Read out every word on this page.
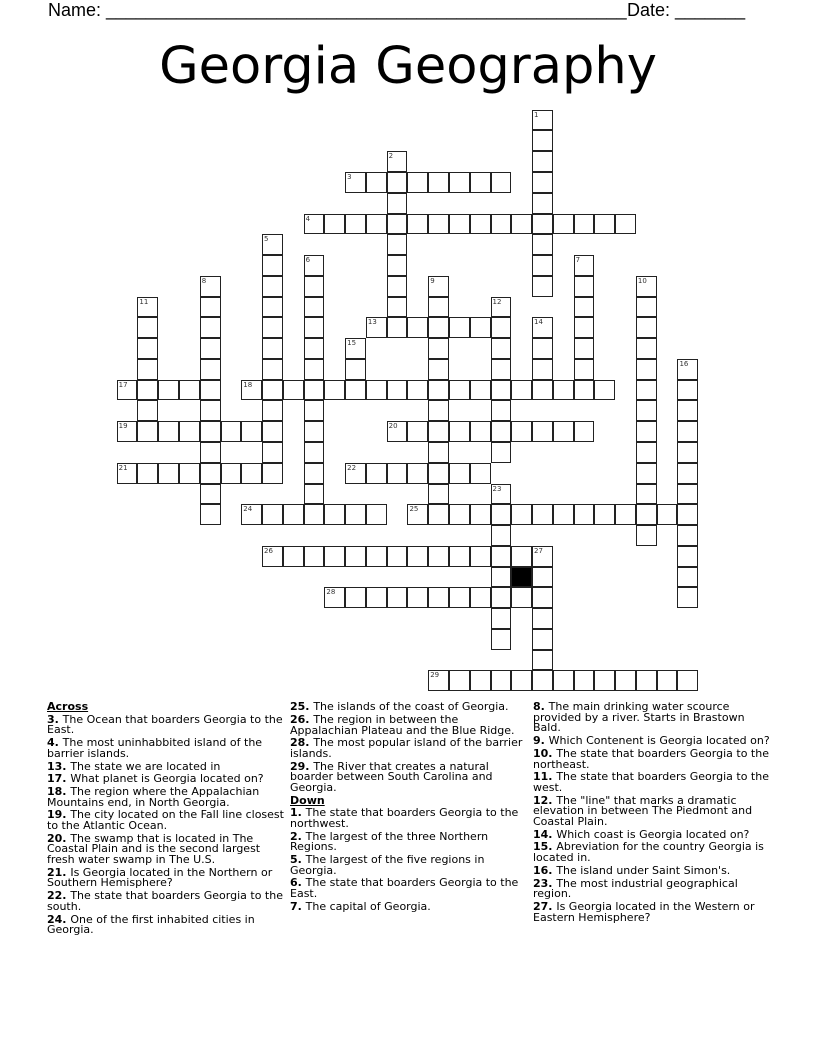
Name: ____________________________________________________ Date: _______
Georgia Geography
1
2
3
4
5
6	7
8	9	10
11	12
13	14
15
16
17	18
19	20
21	22
23
24	25
26	27
28
29
Across
3. The Ocean that boarders Georgia to the East.
4. The most uninhabbited island of the barrier islands.
13. The state we are located in
17. What planet is Georgia located on?
18. The region where the Appalachian Mountains end, in North Georgia.
19. The city located on the Fall line closest to the Atlantic Ocean.
20. The swamp that is located in The Coastal Plain and is the second largest fresh water swamp in The U.S.
21. Is Georgia located in the Northern or Southern Hemisphere?
22. The state that boarders Georgia to the south.
24. One of the first inhabited cities in Georgia.
25. The islands of the coast of Georgia.
26. The region in between the Appalachian Plateau and the Blue Ridge.
28. The most popular island of the barrier islands.
29. The River that creates a natural boarder between South Carolina and Georgia.
Down
1. The state that boarders Georgia to the northwest.
2. The largest of the three Northern Regions.
5. The largest of the five regions in Georgia.
6. The state that boarders Georgia to the East.
7. The capital of Georgia.
8. The main drinking water scource provided by a river. Starts in Brastown Bald.
9. Which Contenent is Georgia located on?
10. The state that boarders Georgia to the northeast.
11. The state that boarders Georgia to the west.
12. The "line" that marks a dramatic elevation in between The Piedmont and Coastal Plain.
14. Which coast is Georgia located on?
15. Abreviation for the country Georgia is located in.
16. The island under Saint Simon's.
23. The most industrial geographical region.
27. Is Georgia located in the Western or Eastern Hemisphere?
